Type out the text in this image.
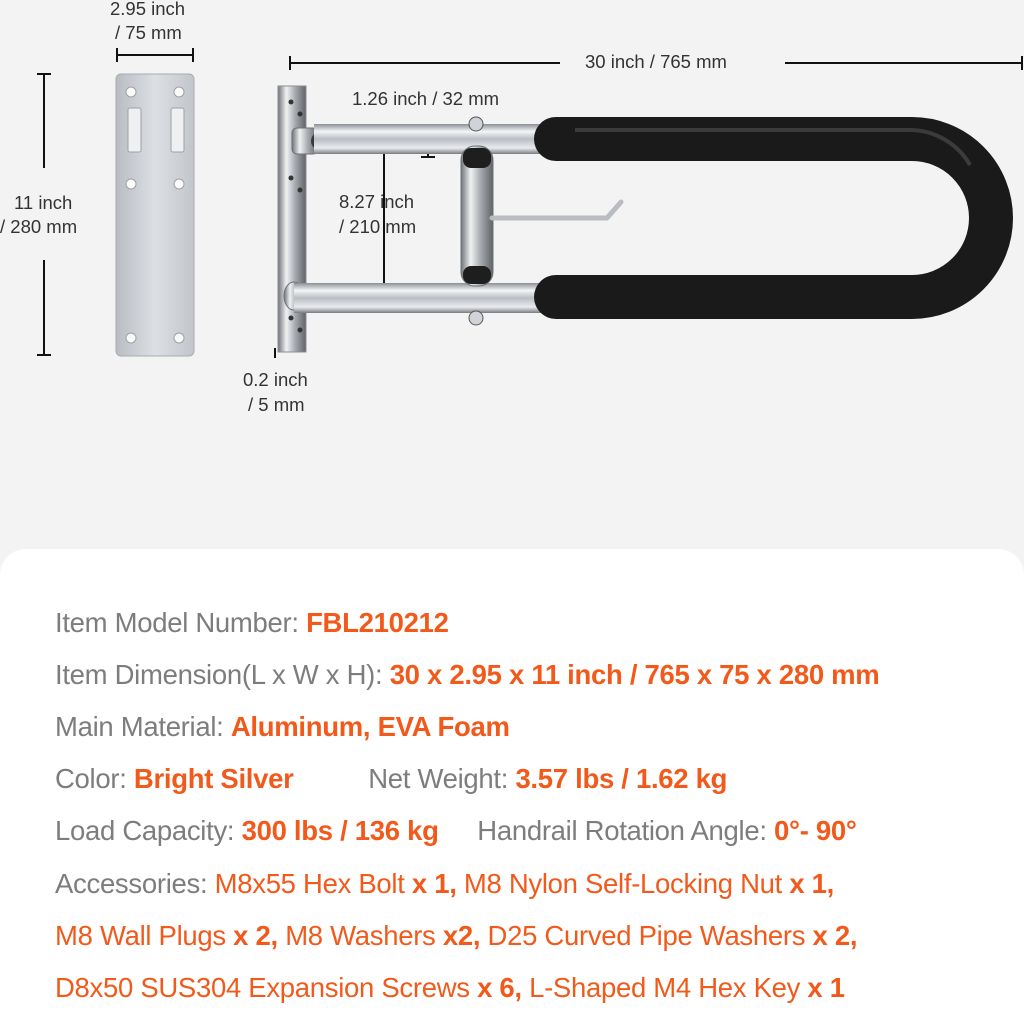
2.95 inch
/ 75 mm
30 inch / 765 mm
11 inch
/ 280 mm
1.26 inch / 32 mm
8.27 inch
/ 210 mm
0.2 inch
/ 5 mm
Item Model Number: FBL210212
Item Dimension(L x W x H): 30 x 2.95 x 11 inch / 765 x 75 x 280 mm
Main Material: Aluminum, EVA Foam
Color: Bright Silver	Net Weight: 3.57 lbs / 1.62 kg
Load Capacity: 300 lbs / 136 kg Handrail Rotation Angle: 0°- 90°
Accessories: M8x55 Hex Bolt x 1, M8 Nylon Self-Locking Nut x 1,
M8 Wall Plugs x 2, M8 Washers x2, D25 Curved Pipe Washers x 2,
D8x50 SUS304 Expansion Screws x 6, L-Shaped M4 Hex Key x 1
